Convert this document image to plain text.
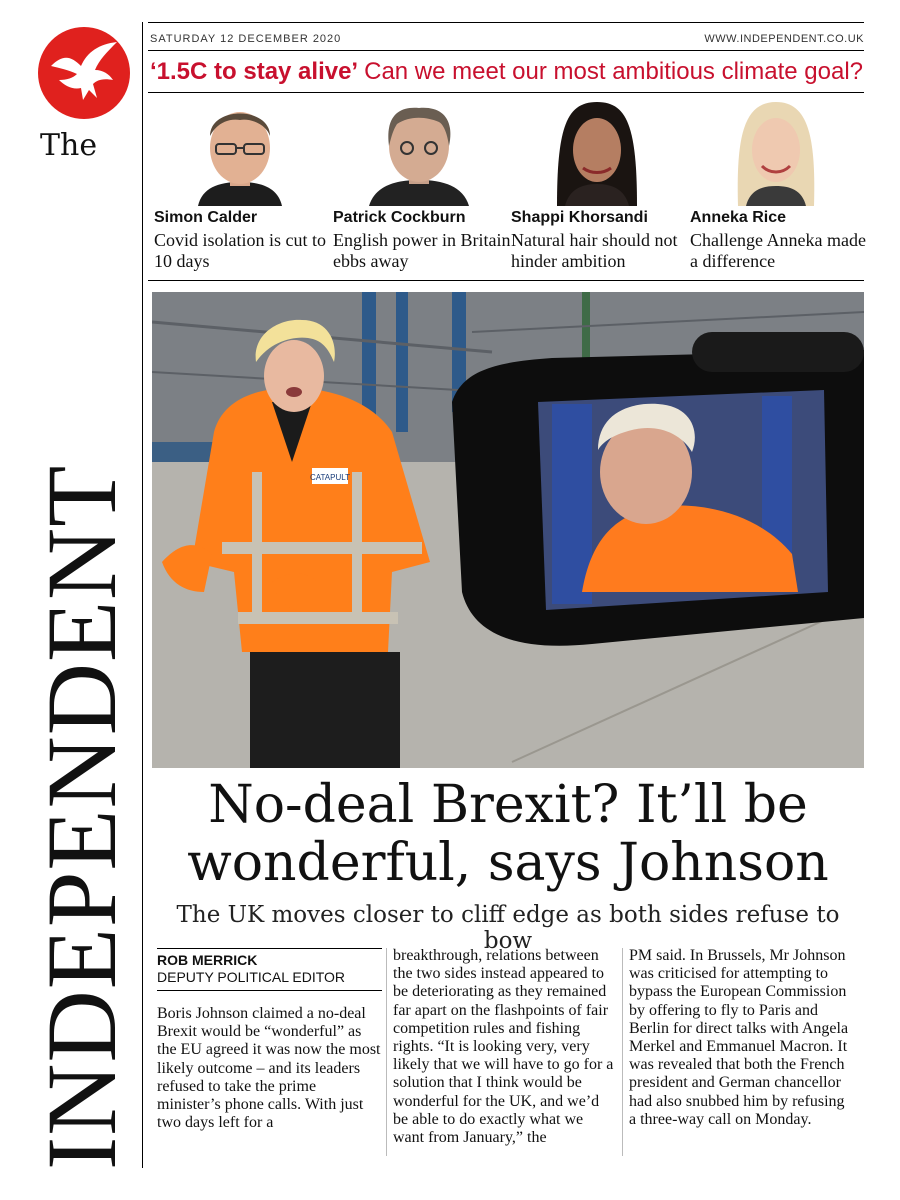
The
INDEPENDENT
SATURDAY 12 DECEMBER 2020	WWW.INDEPENDENT.CO.UK
‘1.5C to stay alive’ Can we meet our most ambitious climate goal?
Simon Calder
Covid isolation is cut to 10 days
Patrick Cockburn
English power in Britain ebbs away
Shappi Khorsandi
Natural hair should not hinder ambition
Anneka Rice
Challenge Anneka made a difference
CATAPULT
No-deal Brexit? It’ll be
wonderful, says Johnson
The UK moves closer to cliff edge as both sides refuse to bow
ROB MERRICK
DEPUTY POLITICAL EDITOR
Boris Johnson claimed a no-deal Brexit would be “wonderful” as the EU agreed it was now the most likely outcome – and its leaders refused to take the prime minister’s phone calls. With just two days left for a
breakthrough, relations between the two sides instead appeared to be deteriorating as they remained far apart on the flashpoints of fair competition rules and fishing rights. “It is looking very, very likely that we will have to go for a solution that I think would be wonderful for the UK, and we’d be able to do exactly what we want from January,” the
PM said. In Brussels, Mr Johnson was criticised for attempting to bypass the European Commission by offering to fly to Paris and Berlin for direct talks with Angela Merkel and Emmanuel Macron. It was revealed that both the French president and German chancellor had also snubbed him by refusing a three-way call on Monday.
